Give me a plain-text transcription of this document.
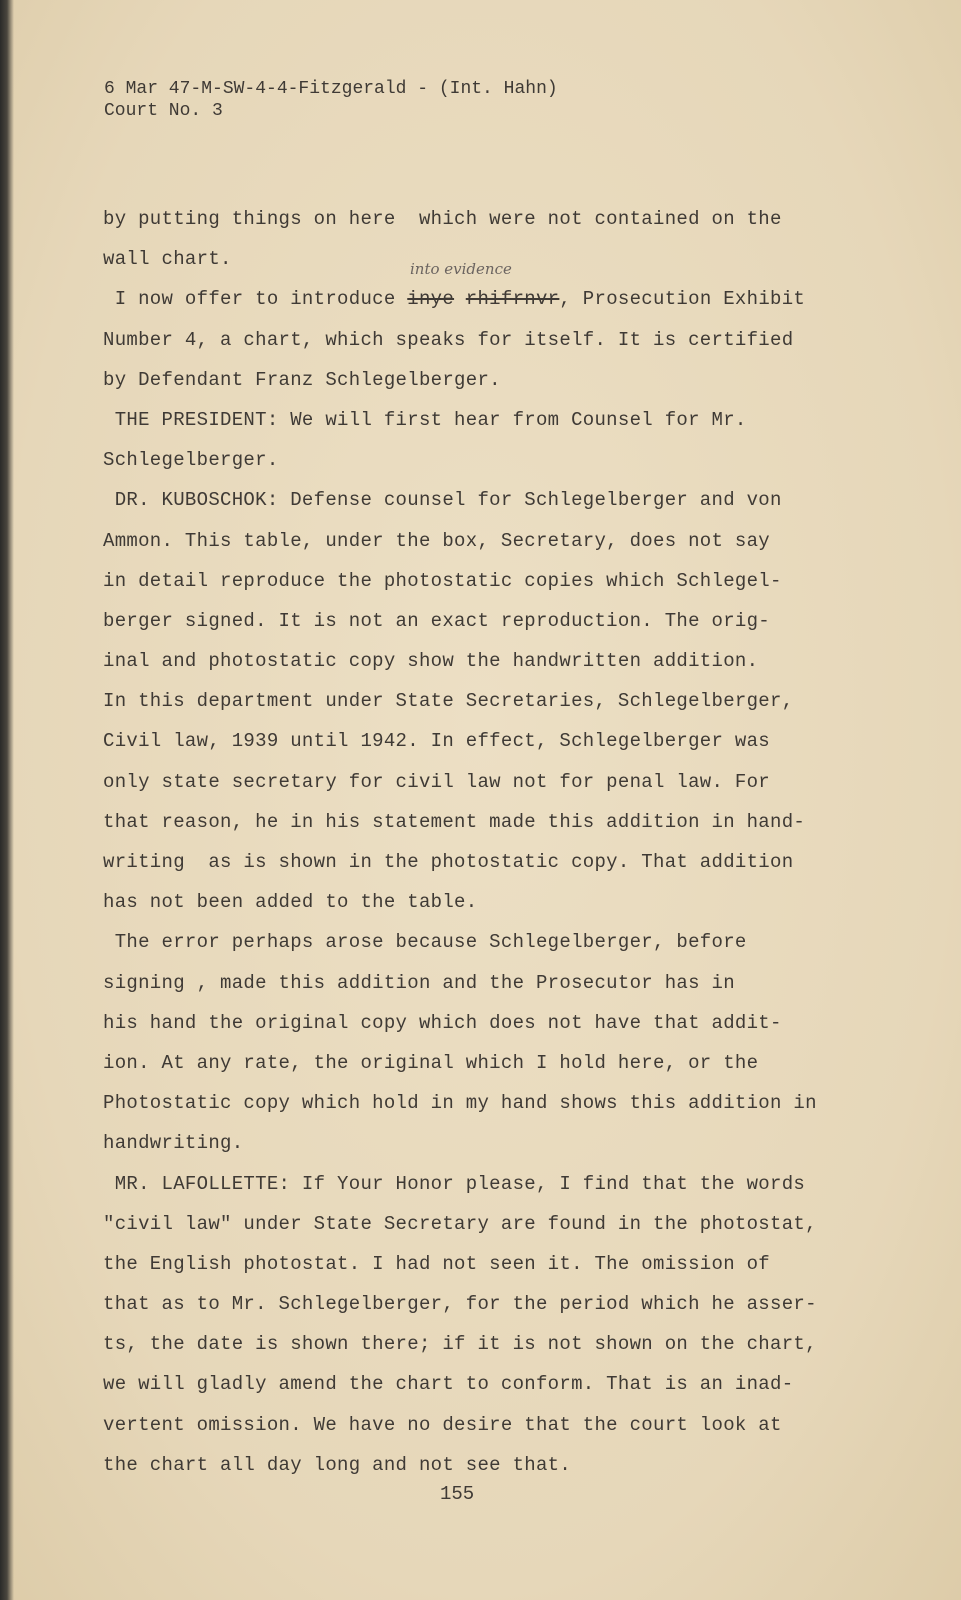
6 Mar 47-M-SW-4-4-Fitzgerald - (Int. Hahn)
Court No. 3
into evidence
by putting things on here  which were not contained on the
wall chart.
I now offer to introduce inye rhifrnvr, Prosecution Exhibit
Number 4, a chart, which speaks for itself. It is certified
by Defendant Franz Schlegelberger.
THE PRESIDENT: We will first hear from Counsel for Mr.
Schlegelberger.
DR. KUBOSCHOK: Defense counsel for Schlegelberger and von
Ammon. This table, under the box, Secretary, does not say
in detail reproduce the photostatic copies which Schlegel-
berger signed. It is not an exact reproduction. The orig-
inal and photostatic copy show the handwritten addition.
In this department under State Secretaries, Schlegelberger,
Civil law, 1939 until 1942. In effect, Schlegelberger was
only state secretary for civil law not for penal law. For
that reason, he in his statement made this addition in hand-
writing  as is shown in the photostatic copy. That addition
has not been added to the table.
The error perhaps arose because Schlegelberger, before
signing , made this addition and the Prosecutor has in
his hand the original copy which does not have that addit-
ion. At any rate, the original which I hold here, or the
Photostatic copy which hold in my hand shows this addition in
handwriting.
MR. LAFOLLETTE: If Your Honor please, I find that the words
"civil law" under State Secretary are found in the photostat,
the English photostat. I had not seen it. The omission of
that as to Mr. Schlegelberger, for the period which he asser-
ts, the date is shown there; if it is not shown on the chart,
we will gladly amend the chart to conform. That is an inad-
vertent omission. We have no desire that the court look at
the chart all day long and not see that.
155
